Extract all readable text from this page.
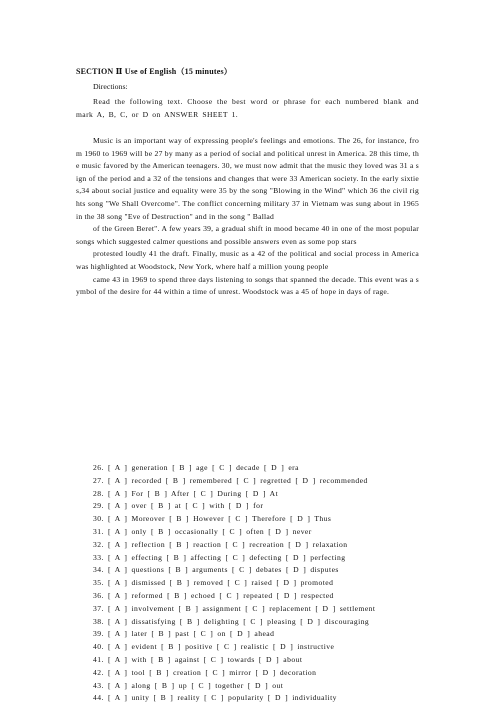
SECTION Ⅱ Use of English（15 minutes）
Directions:
Read the following text. Choose the best word or phrase for each numbered blank and mark A, B, C, or D on ANSWER SHEET 1.

Music is an important way of expressing people's feelings and emotions. The 26, for instance, from 1960 to 1969 will be 27 by many as a period of social and political unrest in America. 28 this time, the music favored by the American teenagers. 30, we must now admit that the music they loved was 31 a sign of the period and a 32 of the tensions and changes that were 33 American society. In the early sixties,34 about social justice and equality were 35 by the song "Blowing in the Wind" which 36 the civil rights song "We Shall Overcome". The conflict concerning military 37 in Vietnam was sung about in 1965 in the 38 song "Eve of Destruction" and in the song " Ballad

of the Green Beret". A few years 39, a gradual shift in mood became 40 in one of the most popular songs which suggested calmer questions and possible answers even as some pop stars

protested loudly 41 the draft. Finally, music as a 42 of the political and social process in America was highlighted at Woodstock, New York, where half a million young people

came 43 in 1969 to spend three days listening to songs that spanned the decade. This event was a symbol of the desire for 44 within a time of unrest. Woodstock was a 45 of hope in days of rage.

26. [ A ] generation [ B ] age [ C ] decade [ D ] era
27. [ A ] recorded [ B ] remembered [ C ] regretted [ D ] recommended
28. [ A ] For [ B ] After [ C ] During [ D ] At
29. [ A ] over [ B ] at [ C ] with [ D ] for
30. [ A ] Moreover [ B ] However [ C ] Therefore [ D ] Thus
31. [ A ] only [ B ] occasionally [ C ] often [ D ] never
32. [ A ] reflection [ B ] reaction [ C ] recreation [ D ] relaxation
33. [ A ] effecting [ B ] affecting [ C ] defecting [ D ] perfecting
34. [ A ] questions [ B ] arguments [ C ] debates [ D ] disputes
35. [ A ] dismissed [ B ] removed [ C ] raised [ D ] promoted
36. [ A ] reformed [ B ] echoed [ C ] repeated [ D ] respected
37. [ A ] involvement [ B ] assignment [ C ] replacement [ D ] settlement
38. [ A ] dissatisfying [ B ] delighting [ C ] pleasing [ D ] discouraging
39. [ A ] later [ B ] past [ C ] on [ D ] ahead
40. [ A ] evident [ B ] positive [ C ] realistic [ D ] instructive
41. [ A ] with [ B ] against [ C ] towards [ D ] about
42. [ A ] tool [ B ] creation [ C ] mirror [ D ] decoration
43. [ A ] along [ B ] up [ C ] together [ D ] out
44. [ A ] unity [ B ] reality [ C ] popularity [ D ] individuality
